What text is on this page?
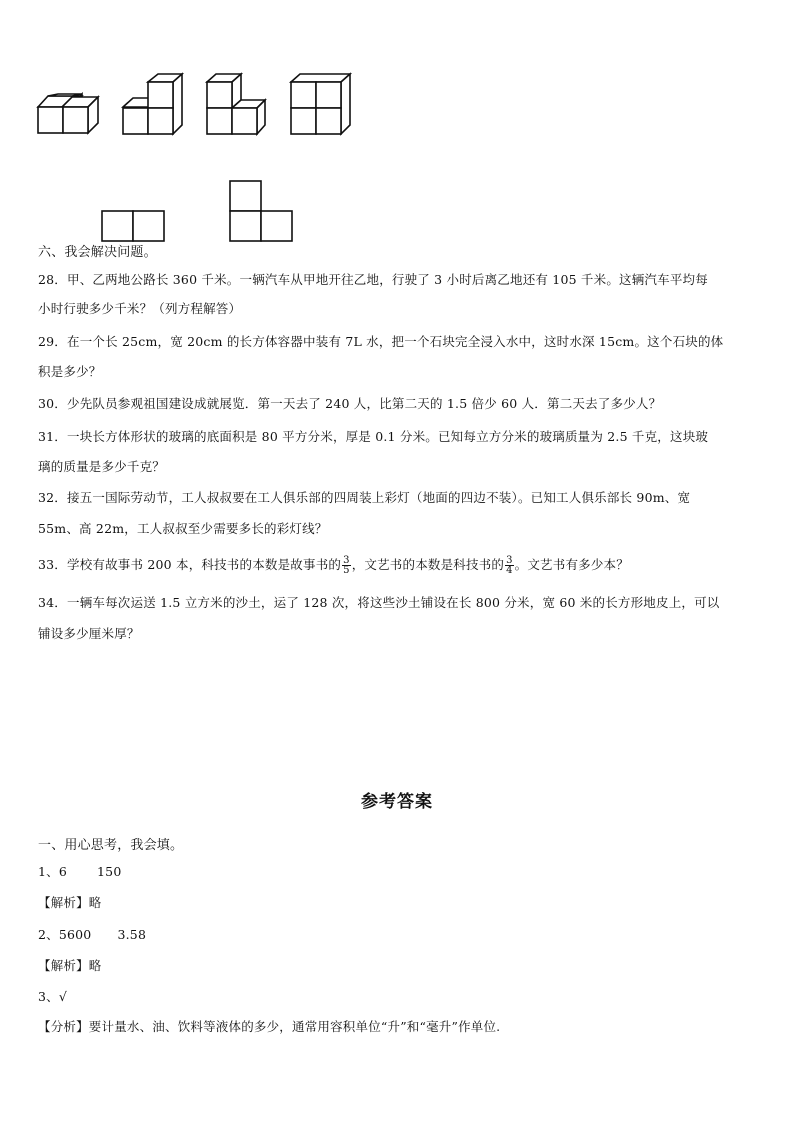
六、我会解决问题。
28．甲、乙两地公路长 360 千米。一辆汽车从甲地开往乙地，行驶了 3 小时后离乙地还有 105 千米。这辆汽车平均每
小时行驶多少千米？（列方程解答）
29．在一个长 25cm，宽 20cm 的长方体容器中装有 7L 水，把一个石块完全浸入水中，这时水深 15cm。这个石块的体
积是多少？
30．少先队员参观祖国建设成就展览．第一天去了 240 人，比第二天的 1.5 倍少 60 人．第二天去了多少人？
31．一块长方体形状的玻璃的底面积是 80 平方分米，厚是 0.1 分米。已知每立方分米的玻璃质量为 2.5 千克，这块玻
璃的质量是多少千克？
32．接五一国际劳动节，工人叔叔要在工人俱乐部的四周装上彩灯（地面的四边不装）。已知工人俱乐部长 90m、宽
55m、高 22m，工人叔叔至少需要多长的彩灯线？
33．学校有故事书 200 本，科技书的本数是故事书的 $\frac{3}{5}$ ，文艺书的本数是科技书的 $\frac{3}{4}$ 。文艺书有多少本？
34．一辆车每次运送 1.5 立方米的沙土，运了 128 次，将这些沙土铺设在长 800 分米，宽 60 米的长方形地皮上，可以
铺设多少厘米厚？
参考答案
一、用心思考，我会填。
1、6 150
【解析】略
2、5600 3.58
【解析】略
3、√
【分析】要计量水、油、饮料等液体的多少，通常用容积单位“升”和“毫升”作单位.
